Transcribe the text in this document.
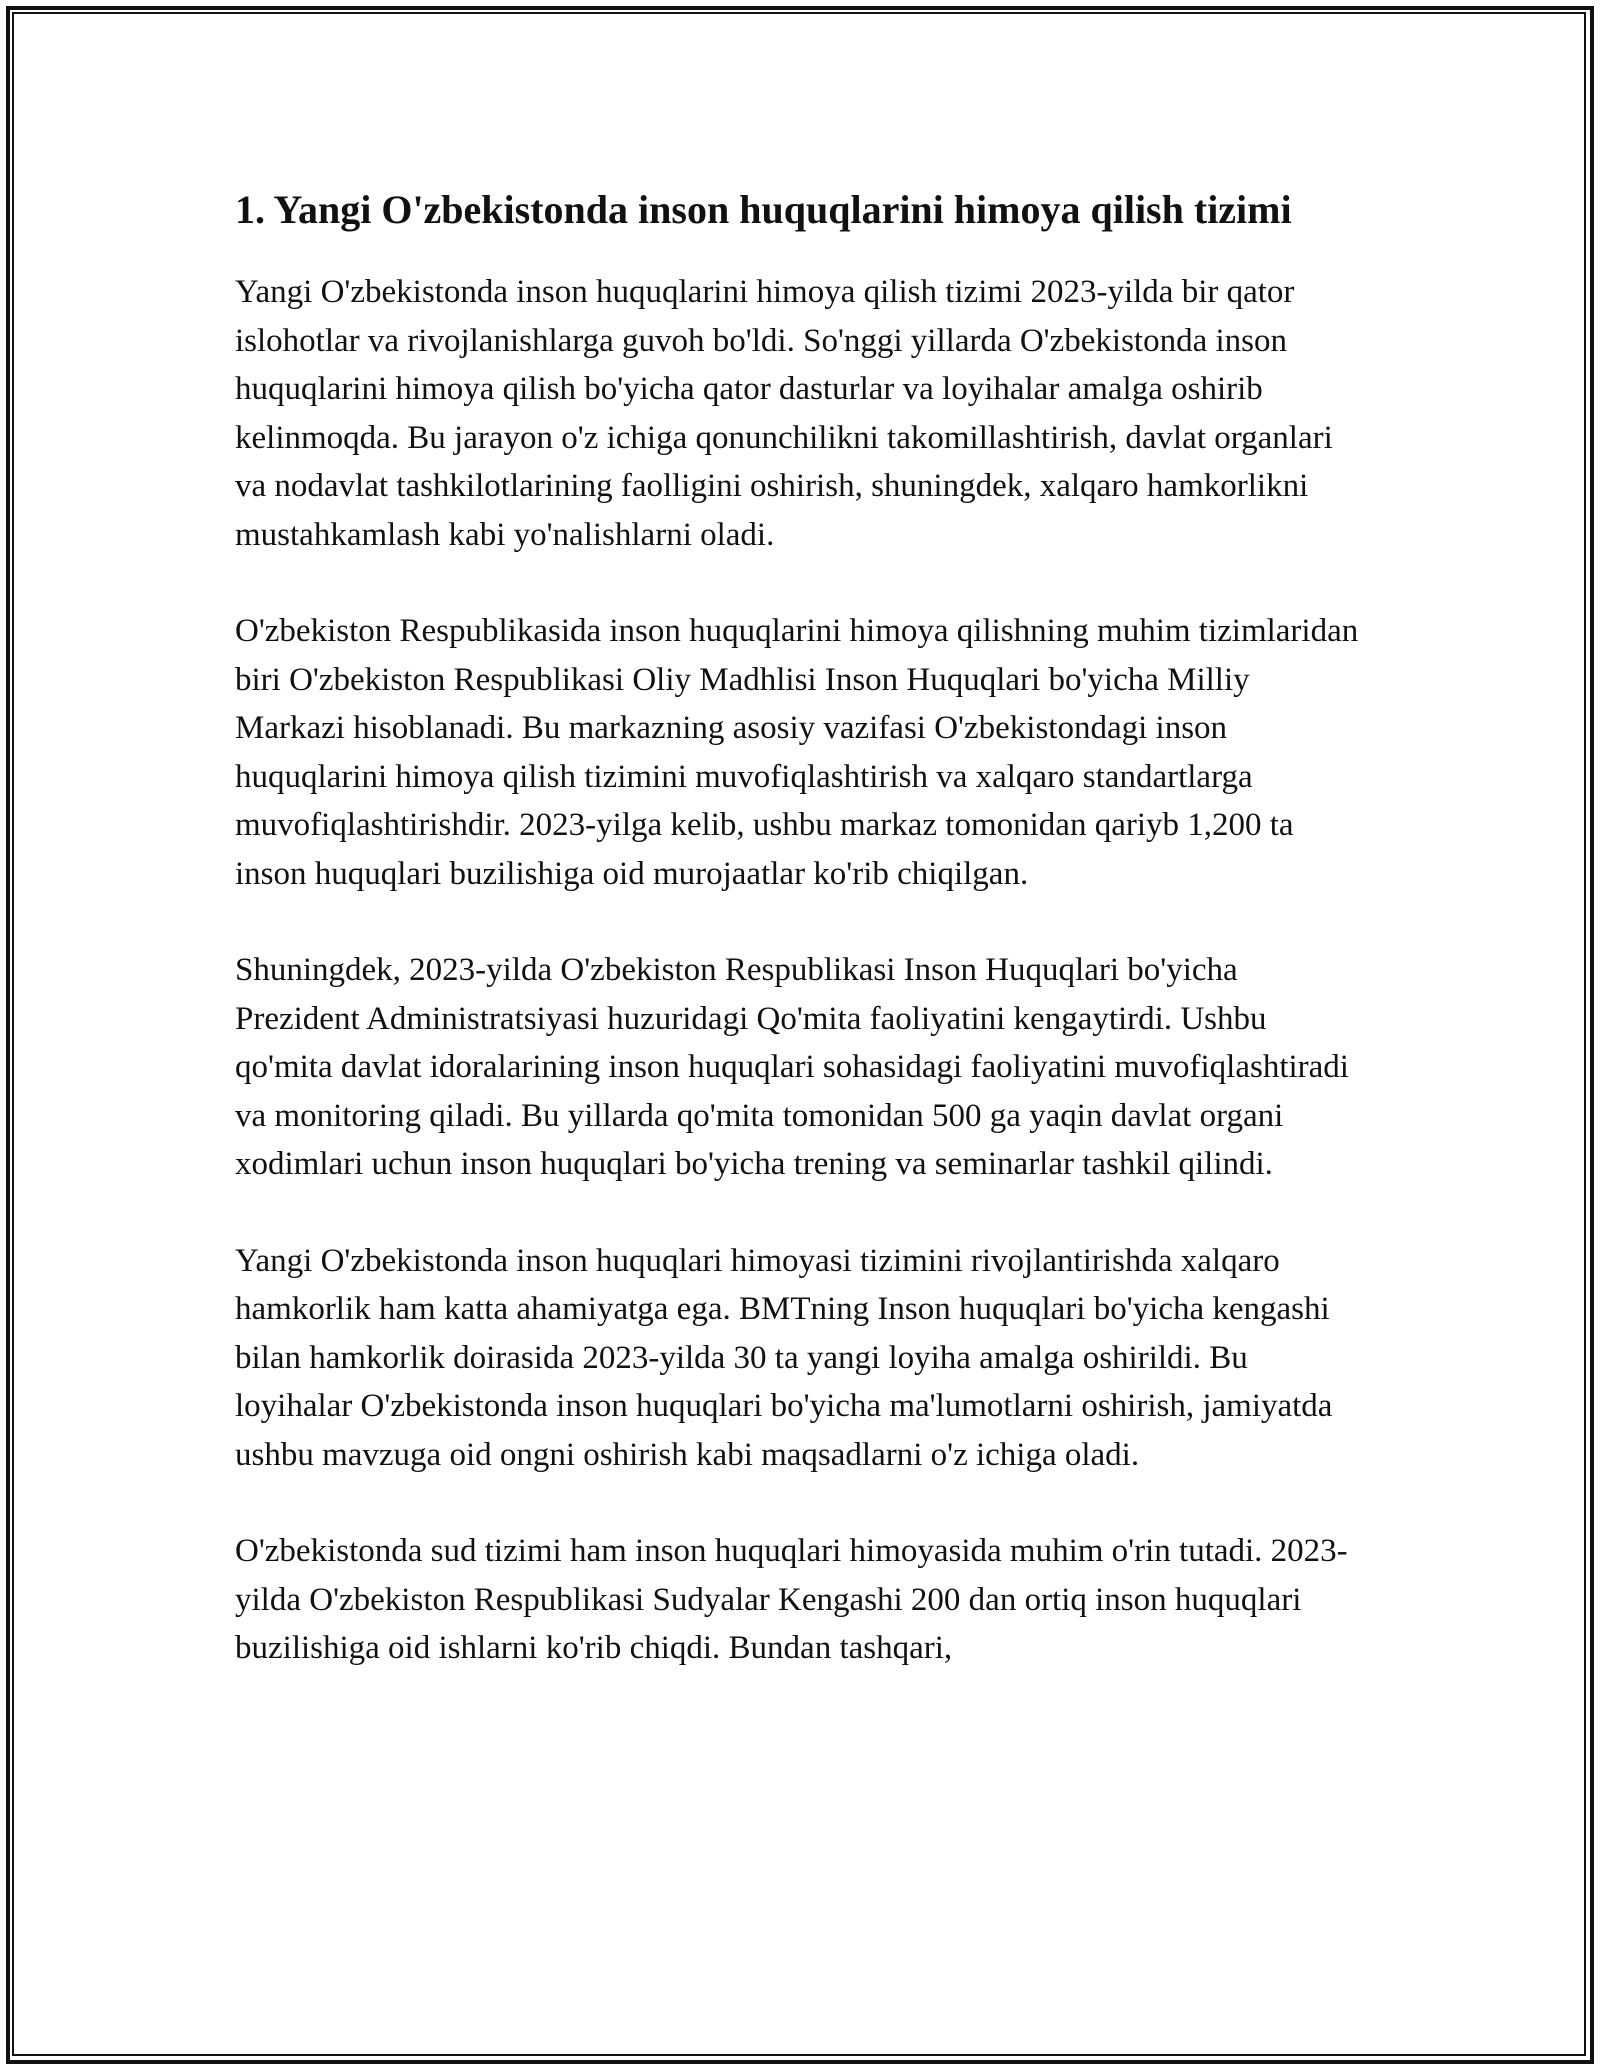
1. Yangi O'zbekistonda inson huquqlarini himoya qilish tizimi

Yangi O'zbekistonda inson huquqlarini himoya qilish tizimi 2023-yilda bir qator islohotlar va rivojlanishlarga guvoh bo'ldi. So'nggi yillarda O'zbekistonda inson huquqlarini himoya qilish bo'yicha qator dasturlar va loyihalar amalga oshirib kelinmoqda. Bu jarayon o'z ichiga qonunchilikni takomillashtirish, davlat organlari va nodavlat tashkilotlarining faolligini oshirish, shuningdek, xalqaro hamkorlikni mustahkamlash kabi yo'nalishlarni oladi.

O'zbekiston Respublikasida inson huquqlarini himoya qilishning muhim tizimlaridan biri O'zbekiston Respublikasi Oliy Madhlisi Inson Huquqlari bo'yicha Milliy Markazi hisoblanadi. Bu markazning asosiy vazifasi O'zbekistondagi inson huquqlarini himoya qilish tizimini muvofiqlashtirish va xalqaro standartlarga muvofiqlashtirishdir. 2023-yilga kelib, ushbu markaz tomonidan qariyb 1,200 ta inson huquqlari buzilishiga oid murojaatlar ko'rib chiqilgan.

Shuningdek, 2023-yilda O'zbekiston Respublikasi Inson Huquqlari bo'yicha Prezident Administratsiyasi huzuridagi Qo'mita faoliyatini kengaytirdi. Ushbu qo'mita davlat idoralarining inson huquqlari sohasidagi faoliyatini muvofiqlashtiradi va monitoring qiladi. Bu yillarda qo'mita tomonidan 500 ga yaqin davlat organi xodimlari uchun inson huquqlari bo'yicha trening va seminarlar tashkil qilindi.

Yangi O'zbekistonda inson huquqlari himoyasi tizimini rivojlantirishda xalqaro hamkorlik ham katta ahamiyatga ega. BMTning Inson huquqlari bo'yicha kengashi bilan hamkorlik doirasida 2023-yilda 30 ta yangi loyiha amalga oshirildi. Bu loyihalar O'zbekistonda inson huquqlari bo'yicha ma'lumotlarni oshirish, jamiyatda ushbu mavzuga oid ongni oshirish kabi maqsadlarni o'z ichiga oladi.

O'zbekistonda sud tizimi ham inson huquqlari himoyasida muhim o'rin tutadi. 2023-yilda O'zbekiston Respublikasi Sudyalar Kengashi 200 dan ortiq inson huquqlari buzilishiga oid ishlarni ko'rib chiqdi. Bundan tashqari,
